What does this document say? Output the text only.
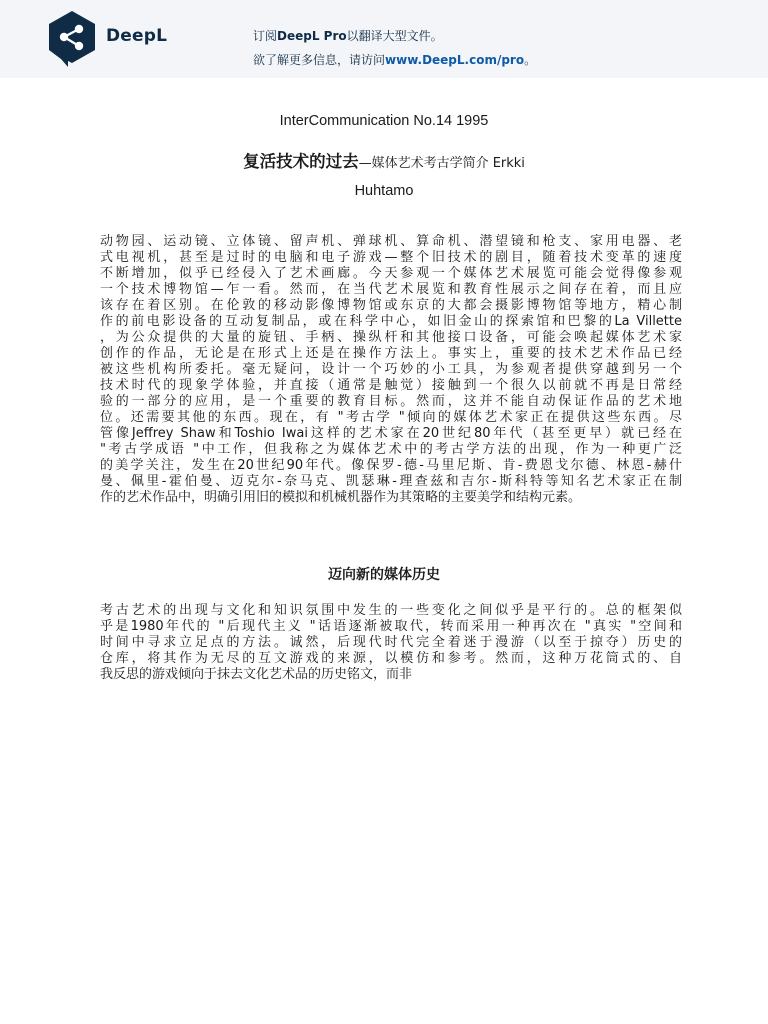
DeepL	订阅DeepL Pro以翻译大型文件。
欲了解更多信息，请访问www.DeepL.com/pro。
InterCommunication No.14 1995
复活技术的过去—媒体艺术考古学简介 Erkki
Huhtamo
动物园、运动镜、立体镜、留声机、弹球机、算命机、潜望镜和枪支、家用电器、老
式电视机，甚至是过时的电脑和电子游戏—整个旧技术的剧目，随着技术变革的速度
不断增加，似乎已经侵入了艺术画廊。今天参观一个媒体艺术展览可能会觉得像参观
一个技术博物馆—乍一看。然而，在当代艺术展览和教育性展示之间存在着，而且应
该存在着区别。在伦敦的移动影像博物馆或东京的大都会摄影博物馆等地方，精心制
作的前电影设备的互动复制品，或在科学中心，如旧金山的探索馆和巴黎的La Villette
，为公众提供的大量的旋钮、手柄、操纵杆和其他接口设备，可能会唤起媒体艺术家
创作的作品，无论是在形式上还是在操作方法上。事实上，重要的技术艺术作品已经
被这些机构所委托。毫无疑问，设计一个巧妙的小工具，为参观者提供穿越到另一个
技术时代的现象学体验，并直接（通常是触觉）接触到一个很久以前就不再是日常经
验的一部分的应用，是一个重要的教育目标。然而，这并不能自动保证作品的艺术地
位。还需要其他的东西。现在，有 "考古学 "倾向的媒体艺术家正在提供这些东西。尽
管像Jeffrey Shaw和Toshio Iwai这样的艺术家在20世纪80年代（甚至更早）就已经在
"考古学成语 "中工作，但我称之为媒体艺术中的考古学方法的出现，作为一种更广泛
的美学关注，发生在20世纪90年代。像保罗-德-马里尼斯、肯-费恩戈尔德、林恩-赫什
曼、佩里-霍伯曼、迈克尔-奈马克、凯瑟琳-理查兹和吉尔-斯科特等知名艺术家正在制
作的艺术作品中，明确引用旧的模拟和机械机器作为其策略的主要美学和结构元素。
迈向新的媒体历史
考古艺术的出现与文化和知识氛围中发生的一些变化之间似乎是平行的。总的框架似
乎是1980年代的 "后现代主义 "话语逐渐被取代，转而采用一种再次在 "真实 "空间和
时间中寻求立足点的方法。诚然，后现代时代完全着迷于漫游（以至于掠夺）历史的
仓库，将其作为无尽的互文游戏的来源，以模仿和参考。然而，这种万花筒式的、自
我反思的游戏倾向于抹去文化艺术品的历史铭文，而非
